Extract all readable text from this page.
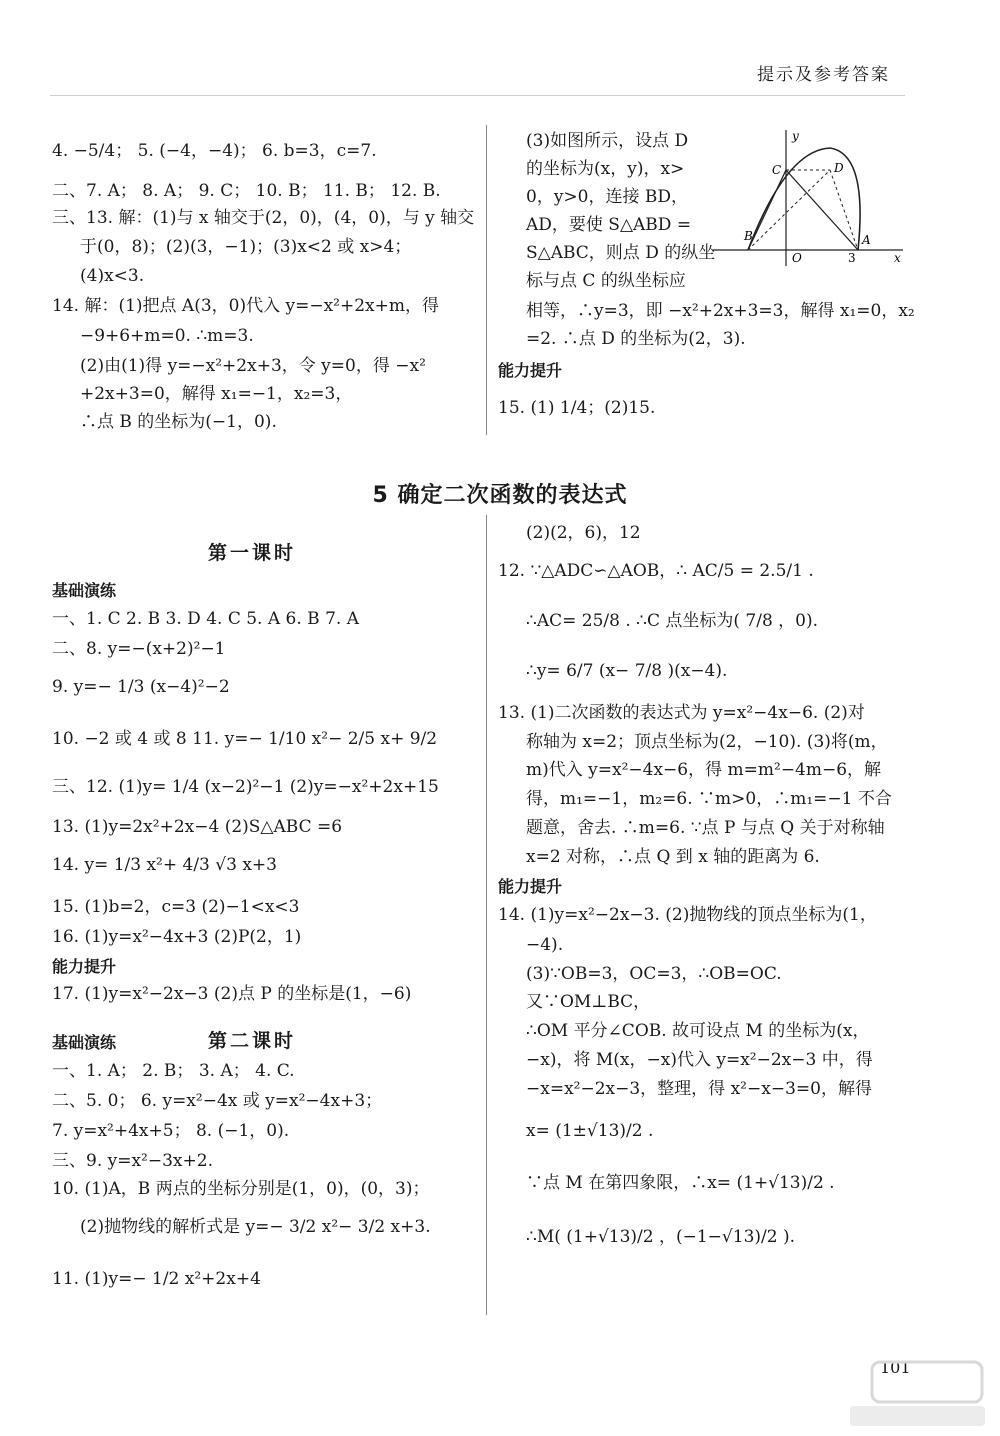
提示及参考答案
4. −5/4； 5. (−4，−4)； 6. b=3，c=7.
二、7. A； 8. A； 9. C； 10. B； 11. B； 12. B.
三、13. 解：(1)与 x 轴交于(2，0)，(4，0)，与 y 轴交
于(0，8)；(2)(3，−1)；(3)x<2 或 x>4；
(4)x<3.
14. 解：(1)把点 A(3，0)代入 y=−x²+2x+m，得
−9+6+m=0. ∴m=3.
(2)由(1)得 y=−x²+2x+3，令 y=0，得 −x²
+2x+3=0，解得 x₁=−1，x₂=3，
∴点 B 的坐标为(−1，0).
(3)如图所示，设点 D
的坐标为(x，y)，x>
0，y>0，连接 BD，
AD，要使 S△ABD =
S△ABC，则点 D 的纵坐
标与点 C 的纵坐标应
相等，∴y=3，即 −x²+2x+3=3，解得 x₁=0，x₂
=2. ∴点 D 的坐标为(2，3).
能力提升
15. (1) 1/4；(2)15.
y
x
C	D
B
O	3
A
5 确定二次函数的表达式
第一课时
第二课时
基础演练
一、1. C 2. B 3. D 4. C 5. A 6. B 7. A
二、8. y=−(x+2)²−1
9. y=− 1/3 (x−4)²−2
10. −2 或 4 或 8 11. y=− 1/10 x²− 2/5 x+ 9/2
三、12. (1)y= 1/4 (x−2)²−1 (2)y=−x²+2x+15
13. (1)y=2x²+2x−4 (2)S△ABC =6
14. y= 1/3 x²+ 4/3 √3 x+3
15. (1)b=2，c=3 (2)−1<x<3
16. (1)y=x²−4x+3 (2)P(2，1)
能力提升
17. (1)y=x²−2x−3 (2)点 P 的坐标是(1，−6)
基础演练
一、1. A； 2. B； 3. A； 4. C.
二、5. 0； 6. y=x²−4x 或 y=x²−4x+3；
7. y=x²+4x+5； 8. (−1，0).
三、9. y=x²−3x+2.
10. (1)A，B 两点的坐标分别是(1，0)，(0，3)；
(2)抛物线的解析式是 y=− 3/2 x²− 3/2 x+3.
11. (1)y=− 1/2 x²+2x+4
(2)(2，6)，12
12. ∵△ADC∽△AOB，∴ AC/5 = 2.5/1 .
∴AC= 25/8 . ∴C 点坐标为( 7/8 ，0).
∴y= 6/7 (x− 7/8 )(x−4).
13. (1)二次函数的表达式为 y=x²−4x−6. (2)对
称轴为 x=2；顶点坐标为(2，−10). (3)将(m，
m)代入 y=x²−4x−6，得 m=m²−4m−6，解
得，m₁=−1，m₂=6. ∵m>0，∴m₁=−1 不合
题意，舍去. ∴m=6. ∵点 P 与点 Q 关于对称轴
x=2 对称，∴点 Q 到 x 轴的距离为 6.
能力提升
14. (1)y=x²−2x−3. (2)抛物线的顶点坐标为(1，
−4).
(3)∵OB=3，OC=3，∴OB=OC.
又∵OM⊥BC，
∴OM 平分∠COB. 故可设点 M 的坐标为(x，
−x)，将 M(x，−x)代入 y=x²−2x−3 中，得
−x=x²−2x−3，整理，得 x²−x−3=0，解得
x= (1±√13)/2 .
∵点 M 在第四象限，∴x= (1+√13)/2 .
∴M( (1+√13)/2 ，(−1−√13)/2 ).
101
